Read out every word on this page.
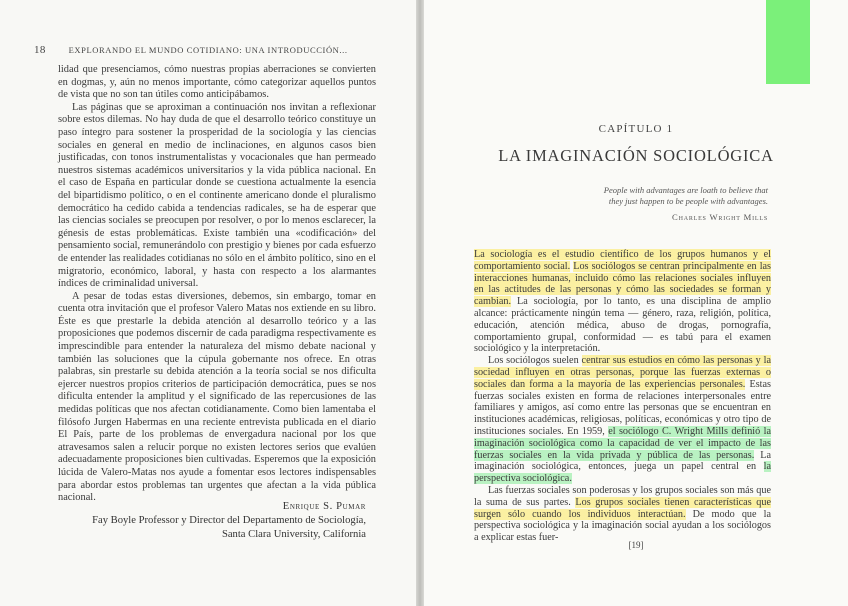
18	EXPLORANDO EL MUNDO COTIDIANO: UNA INTRODUCCIÓN...

lidad que presenciamos, cómo nuestras propias aberraciones se convierten en dogmas, y, aún no menos importante, cómo categorizar aquellos puntos de vista que no son tan útiles como anticipábamos.

Las páginas que se aproximan a continuación nos invitan a reflexionar sobre estos dilemas. No hay duda de que el desarrollo teórico constituye un paso íntegro para sostener la prosperidad de la sociología y las ciencias sociales en general en medio de inclinaciones, en algunos casos bien justificadas, con tonos instrumentalistas y vocacionales que han permeado nuestros sistemas académicos universitarios y la vida pública nacional. En el caso de España en particular donde se cuestiona actualmente la esencia del bipartidismo político, o en el continente americano donde el pluralismo democrático ha cedido cabida a tendencias radicales, se ha de esperar que las ciencias sociales se preocupen por resolver, o por lo menos esclarecer, la génesis de estas problemáticas. Existe también una «codificación» del pensamiento social, remunerándolo con prestigio y bienes por cada esfuerzo de entender las realidades cotidianas no sólo en el ámbito político, sino en el migratorio, económico, laboral, y hasta con respecto a los alarmantes índices de criminalidad universal.

A pesar de todas estas diversiones, debemos, sin embargo, tomar en cuenta otra invitación que el profesor Valero Matas nos extiende en su libro. Éste es que prestarle la debida atención al desarrollo teórico y a las proposiciones que podemos discernir de cada paradigma respectivamente es imprescindible para entender la naturaleza del mismo debate nacional y también las soluciones que la cúpula gobernante nos ofrece. En otras palabras, sin prestarle su debida atención a la teoría social se nos dificulta ejercer nuestros propios criterios de participación democrática, pues se nos dificulta entender la amplitud y el significado de las repercusiones de las medidas políticas que nos afectan cotidianamente. Como bien lamentaba el filósofo Jurgen Habermas en una reciente entrevista publicada en el diario El País, parte de los problemas de envergadura nacional por los que atravesamos salen a relucir porque no existen lectores serios que evalúen adecuadamente proposiciones bien cultivadas. Esperemos que la exposición lúcida de Valero-Matas nos ayude a fomentar esos lectores indispensables para abordar estos problemas tan urgentes que afectan a la vida pública nacional.

Enrique S. Pumar
Fay Boyle Professor y Director del Departamento de Sociología,
Santa Clara University, California
CAPÍTULO 1
LA IMAGINACIÓN SOCIOLÓGICA
People with advantages are loath to believe that they just happen to be people with advantages.
Charles Wright Mills

La sociología es el estudio científico de los grupos humanos y el comportamiento social. Los sociólogos se centran principalmente en las interacciones humanas, incluido cómo las relaciones sociales influyen en las actitudes de las personas y cómo las sociedades se forman y cambian. La sociología, por lo tanto, es una disciplina de amplio alcance: prácticamente ningún tema — género, raza, religión, política, educación, atención médica, abuso de drogas, pornografía, comportamiento grupal, conformidad — es tabú para el examen sociológico y la interpretación.

Los sociólogos suelen centrar sus estudios en cómo las personas y la sociedad influyen en otras personas, porque las fuerzas externas o sociales dan forma a la mayoría de las experiencias personales. Estas fuerzas sociales existen en forma de relaciones interpersonales entre familiares y amigos, así como entre las personas que se encuentran en instituciones académicas, religiosas, políticas, económicas y otro tipo de instituciones sociales. En 1959, el sociólogo C. Wright Mills definió la imaginación sociológica como la capacidad de ver el impacto de las fuerzas sociales en la vida privada y pública de las personas. La imaginación sociológica, entonces, juega un papel central en la perspectiva sociológica.

Las fuerzas sociales son poderosas y los grupos sociales son más que la suma de sus partes. Los grupos sociales tienen características que surgen sólo cuando los individuos interactúan. De modo que la perspectiva sociológica y la imaginación social ayudan a los sociólogos a explicar estas fuer-

[19]
